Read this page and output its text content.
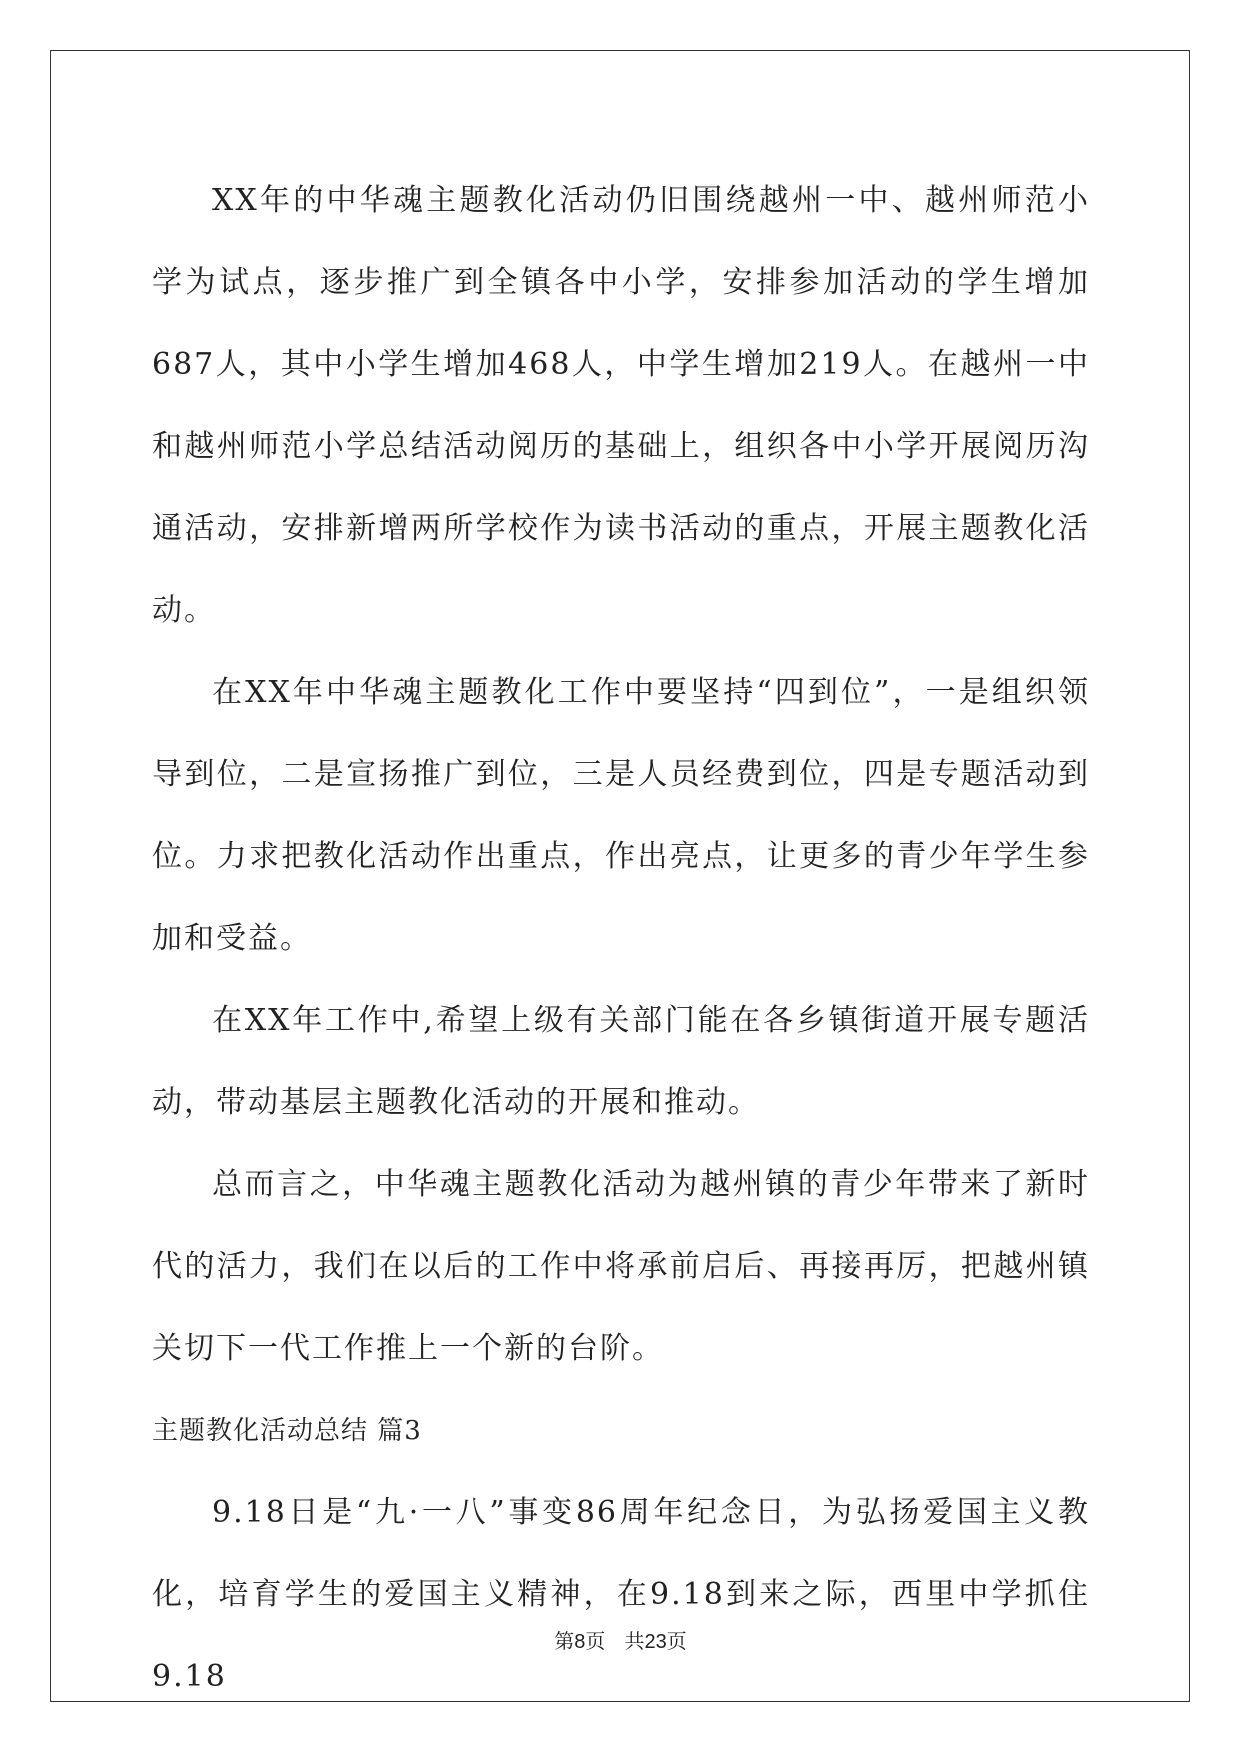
XX年的中华魂主题教化活动仍旧围绕越州一中、越州师范小学为试点，逐步推广到全镇各中小学，安排参加活动的学生增加687人，其中小学生增加468人，中学生增加219人。在越州一中和越州师范小学总结活动阅历的基础上，组织各中小学开展阅历沟通活动，安排新增两所学校作为读书活动的重点，开展主题教化活动。

在XX年中华魂主题教化工作中要坚持“四到位”，一是组织领导到位，二是宣扬推广到位，三是人员经费到位，四是专题活动到位。力求把教化活动作出重点，作出亮点，让更多的青少年学生参加和受益。

在XX年工作中,希望上级有关部门能在各乡镇街道开展专题活动，带动基层主题教化活动的开展和推动。

总而言之，中华魂主题教化活动为越州镇的青少年带来了新时代的活力，我们在以后的工作中将承前启后、再接再厉，把越州镇关切下一代工作推上一个新的台阶。

主题教化活动总结 篇3

9.18日是“九·一八”事变86周年纪念日，为弘扬爱国主义教化，培育学生的爱国主义精神，在9.18到来之际，西里中学抓住9.18

第8页 共23页
